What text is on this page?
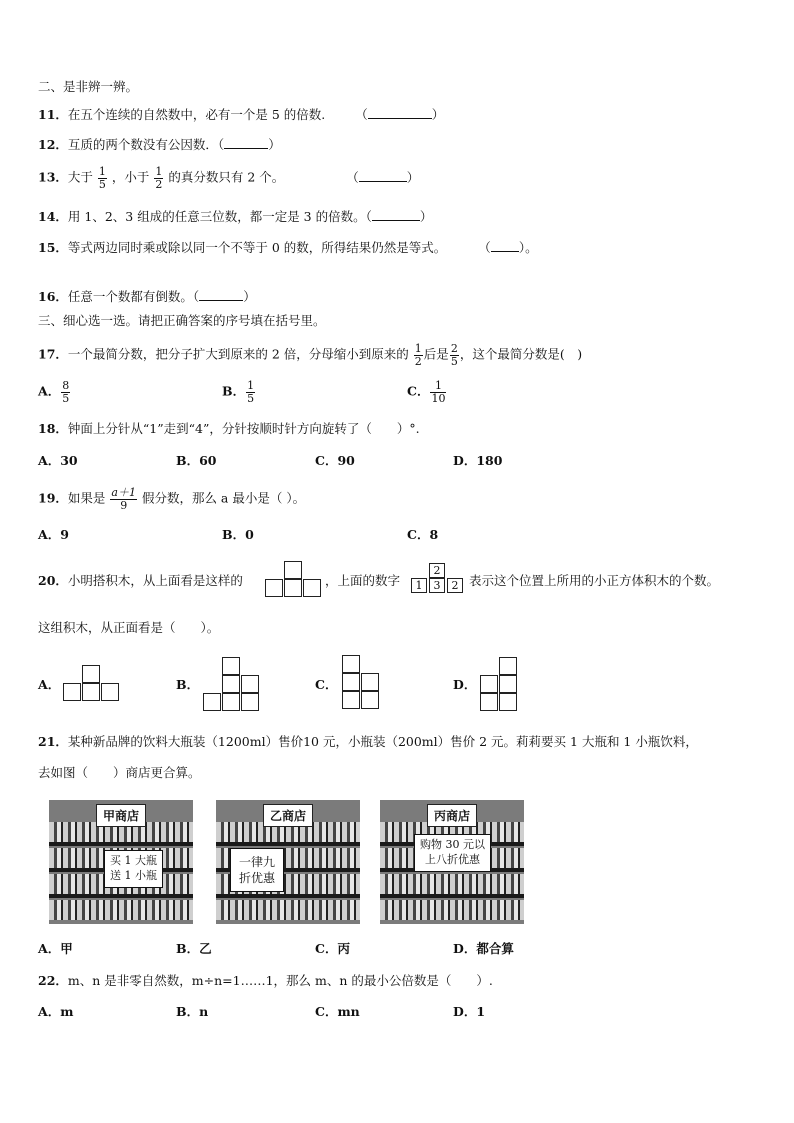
二、是非辨一辨。
11．在五个连续的自然数中，必有一个是 5 的倍数. （	）
12．互质的两个数没有公因数．（	）
13．大于 $\frac{1}{5}$ ，小于 $\frac{1}{2}$ 的真分数只有 2 个。	（	）
14．用 1、2、3 组成的任意三位数，都一定是 3 的倍数。（	）
15．等式两边同时乘或除以同一个不等于 0 的数，所得结果仍然是等式。	（ ）。
16．任意一个数都有倒数。（	）
三、细心选一选。请把正确答案的序号填在括号里。
17．一个最简分数，把分子扩大到原来的 2 倍，分母缩小到原来的 $\frac{1}{2}$ 后是 $\frac{2}{5}$ ，这个最简分数是(　)
A． $\frac{8}{5}$	B． $\frac{1}{5}$	C． $\frac{1}{10}$
18．钟面上分针从“1”走到“4”，分针按顺时针方向旋转了（　　）°.
A．30	B．60	C．90	D．180
19．如果是 $\frac{a+1}{9}$ 假分数，那么 a 最小是（ ）。
A．9	B．0	C．8
20．小明搭积木，从上面看是这样的	，上面的数字
2
1	3	2 表示这个位置上所用的小正方体积木的个数。
这组积木，从正面看是（　　）。
A．	B．	C．	D．
21．某种新品牌的饮料大瓶装（1200ml）售价10 元，小瓶装（200ml）售价 2 元。莉莉要买 1 大瓶和 1 小瓶饮料，
去如图（　　）商店更合算。
甲商店
买 1 大瓶
送 1 小瓶
乙商店
一律九
折优惠
丙商店
购物 30 元以
上八折优惠
A．甲	B．乙	C．丙	D．都合算
22．m、n 是非零自然数，m÷n=1……1，那么 m、n 的最小公倍数是（　　）.
A．m	B．n	C．mn	D．1
